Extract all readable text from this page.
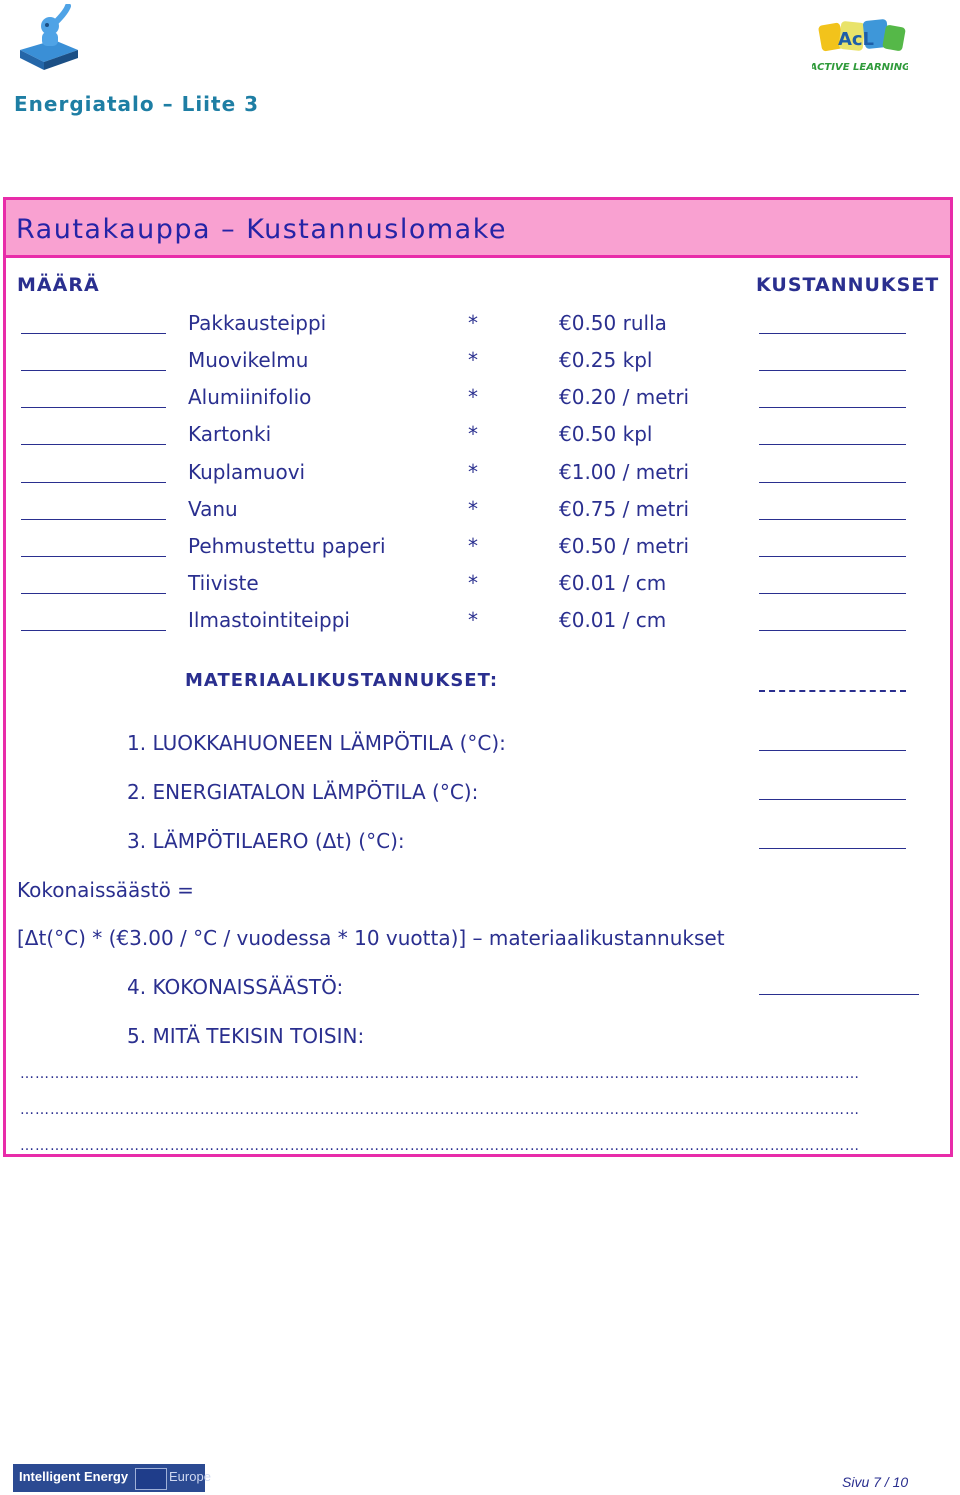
AcL
ACTIVE LEARNING
Energiatalo – Liite 3
Rautakauppa – Kustannuslomake
MÄÄRÄ	KUSTANNUKSET
Pakkausteippi	*	€0.50 rulla
Muovikelmu	*	€0.25 kpl
Alumiinifolio	*	€0.20 / metri
Kartonki	*	€0.50 kpl
Kuplamuovi	*	€1.00 / metri
Vanu	*	€0.75 / metri
Pehmustettu paperi	*	€0.50 / metri
Tiiviste	*	€0.01 / cm
Ilmastointiteippi	*	€0.01 / cm
MATERIAALIKUSTANNUKSET:
1. LUOKKAHUONEEN LÄMPÖTILA (°C):
2. ENERGIATALON LÄMPÖTILA (°C):
3. LÄMPÖTILAERO (Δt) (°C):
Kokonaissäästö =
[Δt(°C) * (€3.00 / °C / vuodessa * 10 vuotta)] – materiaalikustannukset
4. KOKONAISSÄÄSTÖ:
5. MITÄ TEKISIN TOISIN:
……………………………………………………………………………………………………………………………………………………
……………………………………………………………………………………………………………………………………………………
……………………………………………………………………………………………………………………………………………………
Intelligent Energy	Europe	Sivu 7 / 10
